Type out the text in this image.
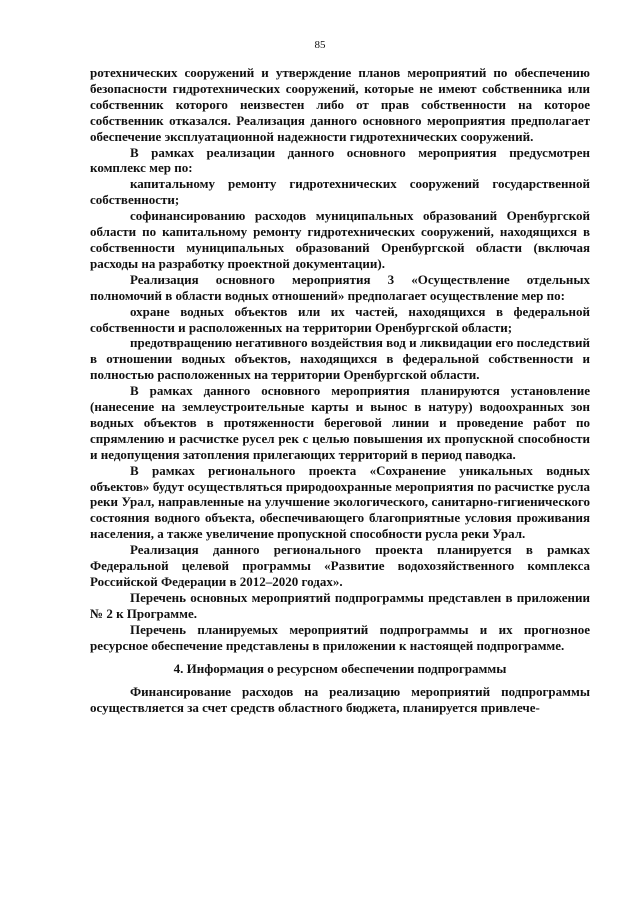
85

ротехнических сооружений и утверждение планов мероприятий по обеспечению безопасности гидротехнических сооружений, которые не имеют собственника или собственник которого неизвестен либо от прав собственности на которое собственник отказался. Реализация данного основного мероприятия предполагает обеспечение эксплуатационной надежности гидротехнических сооружений.

В рамках реализации данного основного мероприятия предусмотрен комплекс мер по:

капитальному ремонту гидротехнических сооружений государственной собственности;

софинансированию расходов муниципальных образований Оренбургской области по капитальному ремонту гидротехнических сооружений, находящихся в собственности муниципальных образований Оренбургской области (включая расходы на разработку проектной документации).

Реализация основного мероприятия 3 «Осуществление отдельных полномочий в области водных отношений» предполагает осуществление мер по:

охране водных объектов или их частей, находящихся в федеральной собственности и расположенных на территории Оренбургской области;

предотвращению негативного воздействия вод и ликвидации его последствий в отношении водных объектов, находящихся в федеральной собственности и полностью расположенных на территории Оренбургской области.

В рамках данного основного мероприятия планируются установление (нанесение на землеустроительные карты и вынос в натуру) водоохранных зон водных объектов в протяженности береговой линии и проведение работ по спрямлению и расчистке русел рек с целью повышения их пропускной способности и недопущения затопления прилегающих территорий в период паводка.

В рамках регионального проекта «Сохранение уникальных водных объектов» будут осуществляться природоохранные мероприятия по расчистке русла реки Урал, направленные на улучшение экологического, санитарно-гигиенического состояния водного объекта, обеспечивающего благоприятные условия проживания населения, а также увеличение пропускной способности русла реки Урал.

Реализация данного регионального проекта планируется в рамках Федеральной целевой программы «Развитие водохозяйственного комплекса Российской Федерации в 2012–2020 годах».

Перечень основных мероприятий подпрограммы представлен в приложении № 2 к Программе.

Перечень планируемых мероприятий подпрограммы и их прогнозное ресурсное обеспечение представлены в приложении к настоящей подпрограмме.

4. Информация о ресурсном обеспечении подпрограммы

Финансирование расходов на реализацию мероприятий подпрограммы осуществляется за счет средств областного бюджета, планируется привлече-
